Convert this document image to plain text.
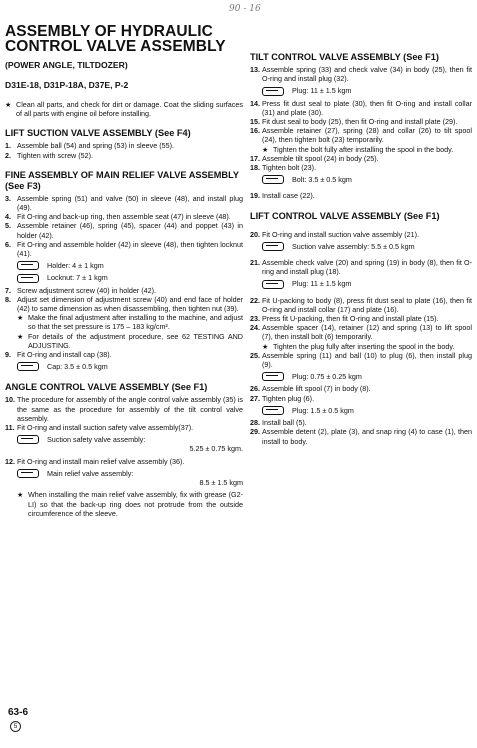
90 - 16
ASSEMBLY OF HYDRAULIC CONTROL VALVE ASSEMBLY
(POWER ANGLE, TILTDOZER)
D31E-18, D31P-18A, D37E, P-2
★ Clean all parts, and check for dirt or damage. Coat the sliding surfaces of all parts with engine oil before installing.
LIFT SUCTION VALVE ASSEMBLY (See F4)
1. Assemble ball (54) and spring (53) in sleeve (55).
2. Tighten with screw (52).
FINE ASSEMBLY OF MAIN RELIEF VALVE ASSEMBLY (See F3)
3. Assemble spring (51) and valve (50) in sleeve (48), and install plug (49).
4. Fit O-ring and back-up ring, then assemble seat (47) in sleeve (48).
5. Assemble retainer (46), spring (45), spacer (44) and poppet (43) in holder (42).
6. Fit O-ring and assemble holder (42) in sleeve (48), then tighten locknut (41).
Holder: 4 ± 1 kgm
Locknut: 7 ± 1 kgm
7. Screw adjustment screw (40) in holder (42).
8. Adjust set dimension of adjustment screw (40) and end face of holder (42) to same dimension as when disassembling, then tighten nut (39).
★ Make the final adjustment after installing to the machine, and adjust so that the set pressure is 175 – 183 kg/cm².
★ For details of the adjustment procedure, see 62 TESTING AND ADJUSTING.
9. Fit O-ring and install cap (38).
Cap: 3.5 ± 0.5 kgm
ANGLE CONTROL VALVE ASSEMBLY (See F1)
10. The procedure for assembly of the angle control valve assembly (35) is the same as the procedure for assembly of the tilt control valve assembly.
11. Fit O-ring and install suction safety valve assembly(37).
Suction safety valve assembly:
5.25 ± 0.75 kgm.
12. Fit O-ring and install main relief valve assembly (36).
Main relief valve assembly:
8.5 ± 1.5 kgm
★ When installing the main relief valve assembly, fix with grease (G2-LI) so that the back-up ring does not protrude from the outside circumference of the sleeve.
63-6
5
TILT CONTROL VALVE ASSEMBLY (See F1)
13. Assemble spring (33) and check valve (34) in body (25), then fit O-ring and install plug (32).
Plug: 11 ± 1.5 kgm
14. Press fit dust seal to plate (30), then fit O-ring and install collar (31) and plate (30).
15. Fit dust seal to body (25), then fit O-ring and install plate (29).
16. Assemble retainer (27), spring (28) and collar (26) to tilt spool (24), then tighten bolt (23) temporarily.
★ Tighten the bolt fully after installing the spool in the body.
17. Assemble tilt spool (24) in body (25).
18. Tighten bolt (23).
Bolt: 3.5 ± 0.5 kgm
19. Install case (22).
LIFT CONTROL VALVE ASSEMBLY (See F1)
20. Fit O-ring and install suction valve assembly (21).
Suction valve assembly: 5.5 ± 0.5 kgm
21. Assemble check valve (20) and spring (19) in body (8), then fit O-ring and install plug (18).
Plug: 11 ± 1.5 kgm
22. Fit U-packing to body (8), press fit dust seal to plate (16), then fit O-ring and install collar (17) and plate (16).
23. Press fit U-packing, then fit O-ring and install plate (15).
24. Assemble spacer (14), retainer (12) and spring (13) to lift spool (7), then install bolt (6) temporarily.
★ Tighten the plug fully after inserting the spool in the body.
25. Assemble spring (11) and ball (10) to plug (6), then install plug (9).
Plug: 0.75 ± 0.25 kgm
26. Assemble lift spool (7) in body (8).
27. Tighten plug (6).
Plug: 1.5 ± 0.5 kgm
28. Install ball (5).
29. Assemble detent (2), plate (3), and snap ring (4) to case (1), then install to body.
